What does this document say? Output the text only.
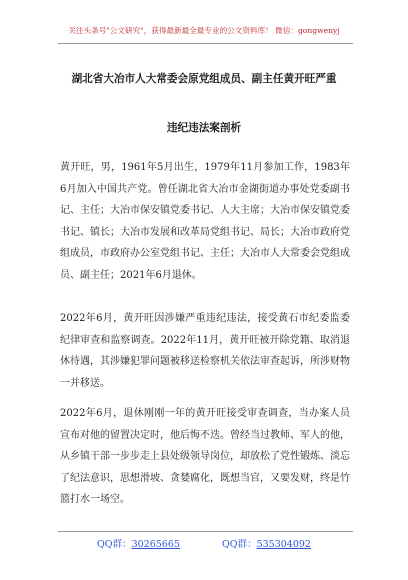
关注头条号"公文研究"，获得最新最全最专业的公文资料库！ 微信：gongwenyj
湖北省大冶市人大常委会原党组成员、副主任黄开旺严重
违纪违法案剖析

黄开旺，男，1961年5月出生，1979年11月参加工作，1983年6月加入中国共产党。曾任湖北省大冶市金湖街道办事处党委副书记、主任；大冶市保安镇党委书记、人大主席；大冶市保安镇党委书记、镇长；大冶市发展和改革局党组书记、局长；大冶市政府党组成员，市政府办公室党组书记、主任；大冶市人大常委会党组成员、副主任；2021年6月退休。

2022年6月，黄开旺因涉嫌严重违纪违法，接受黄石市纪委监委纪律审查和监察调查。2022年11月，黄开旺被开除党籍、取消退休待遇，其涉嫌犯罪问题被移送检察机关依法审查起诉，所涉财物一并移送。

2022年6月，退休刚刚一年的黄开旺接受审查调查，当办案人员宣布对他的留置决定时，他后悔不迭。曾经当过教师、军人的他，从乡镇干部一步步走上县处级领导岗位，却放松了党性锻炼、淡忘了纪法意识，思想滑坡、贪婪腐化，既想当官，又要发财，终是竹篮打水一场空。

QQ群：30265665	QQ群：535304092
